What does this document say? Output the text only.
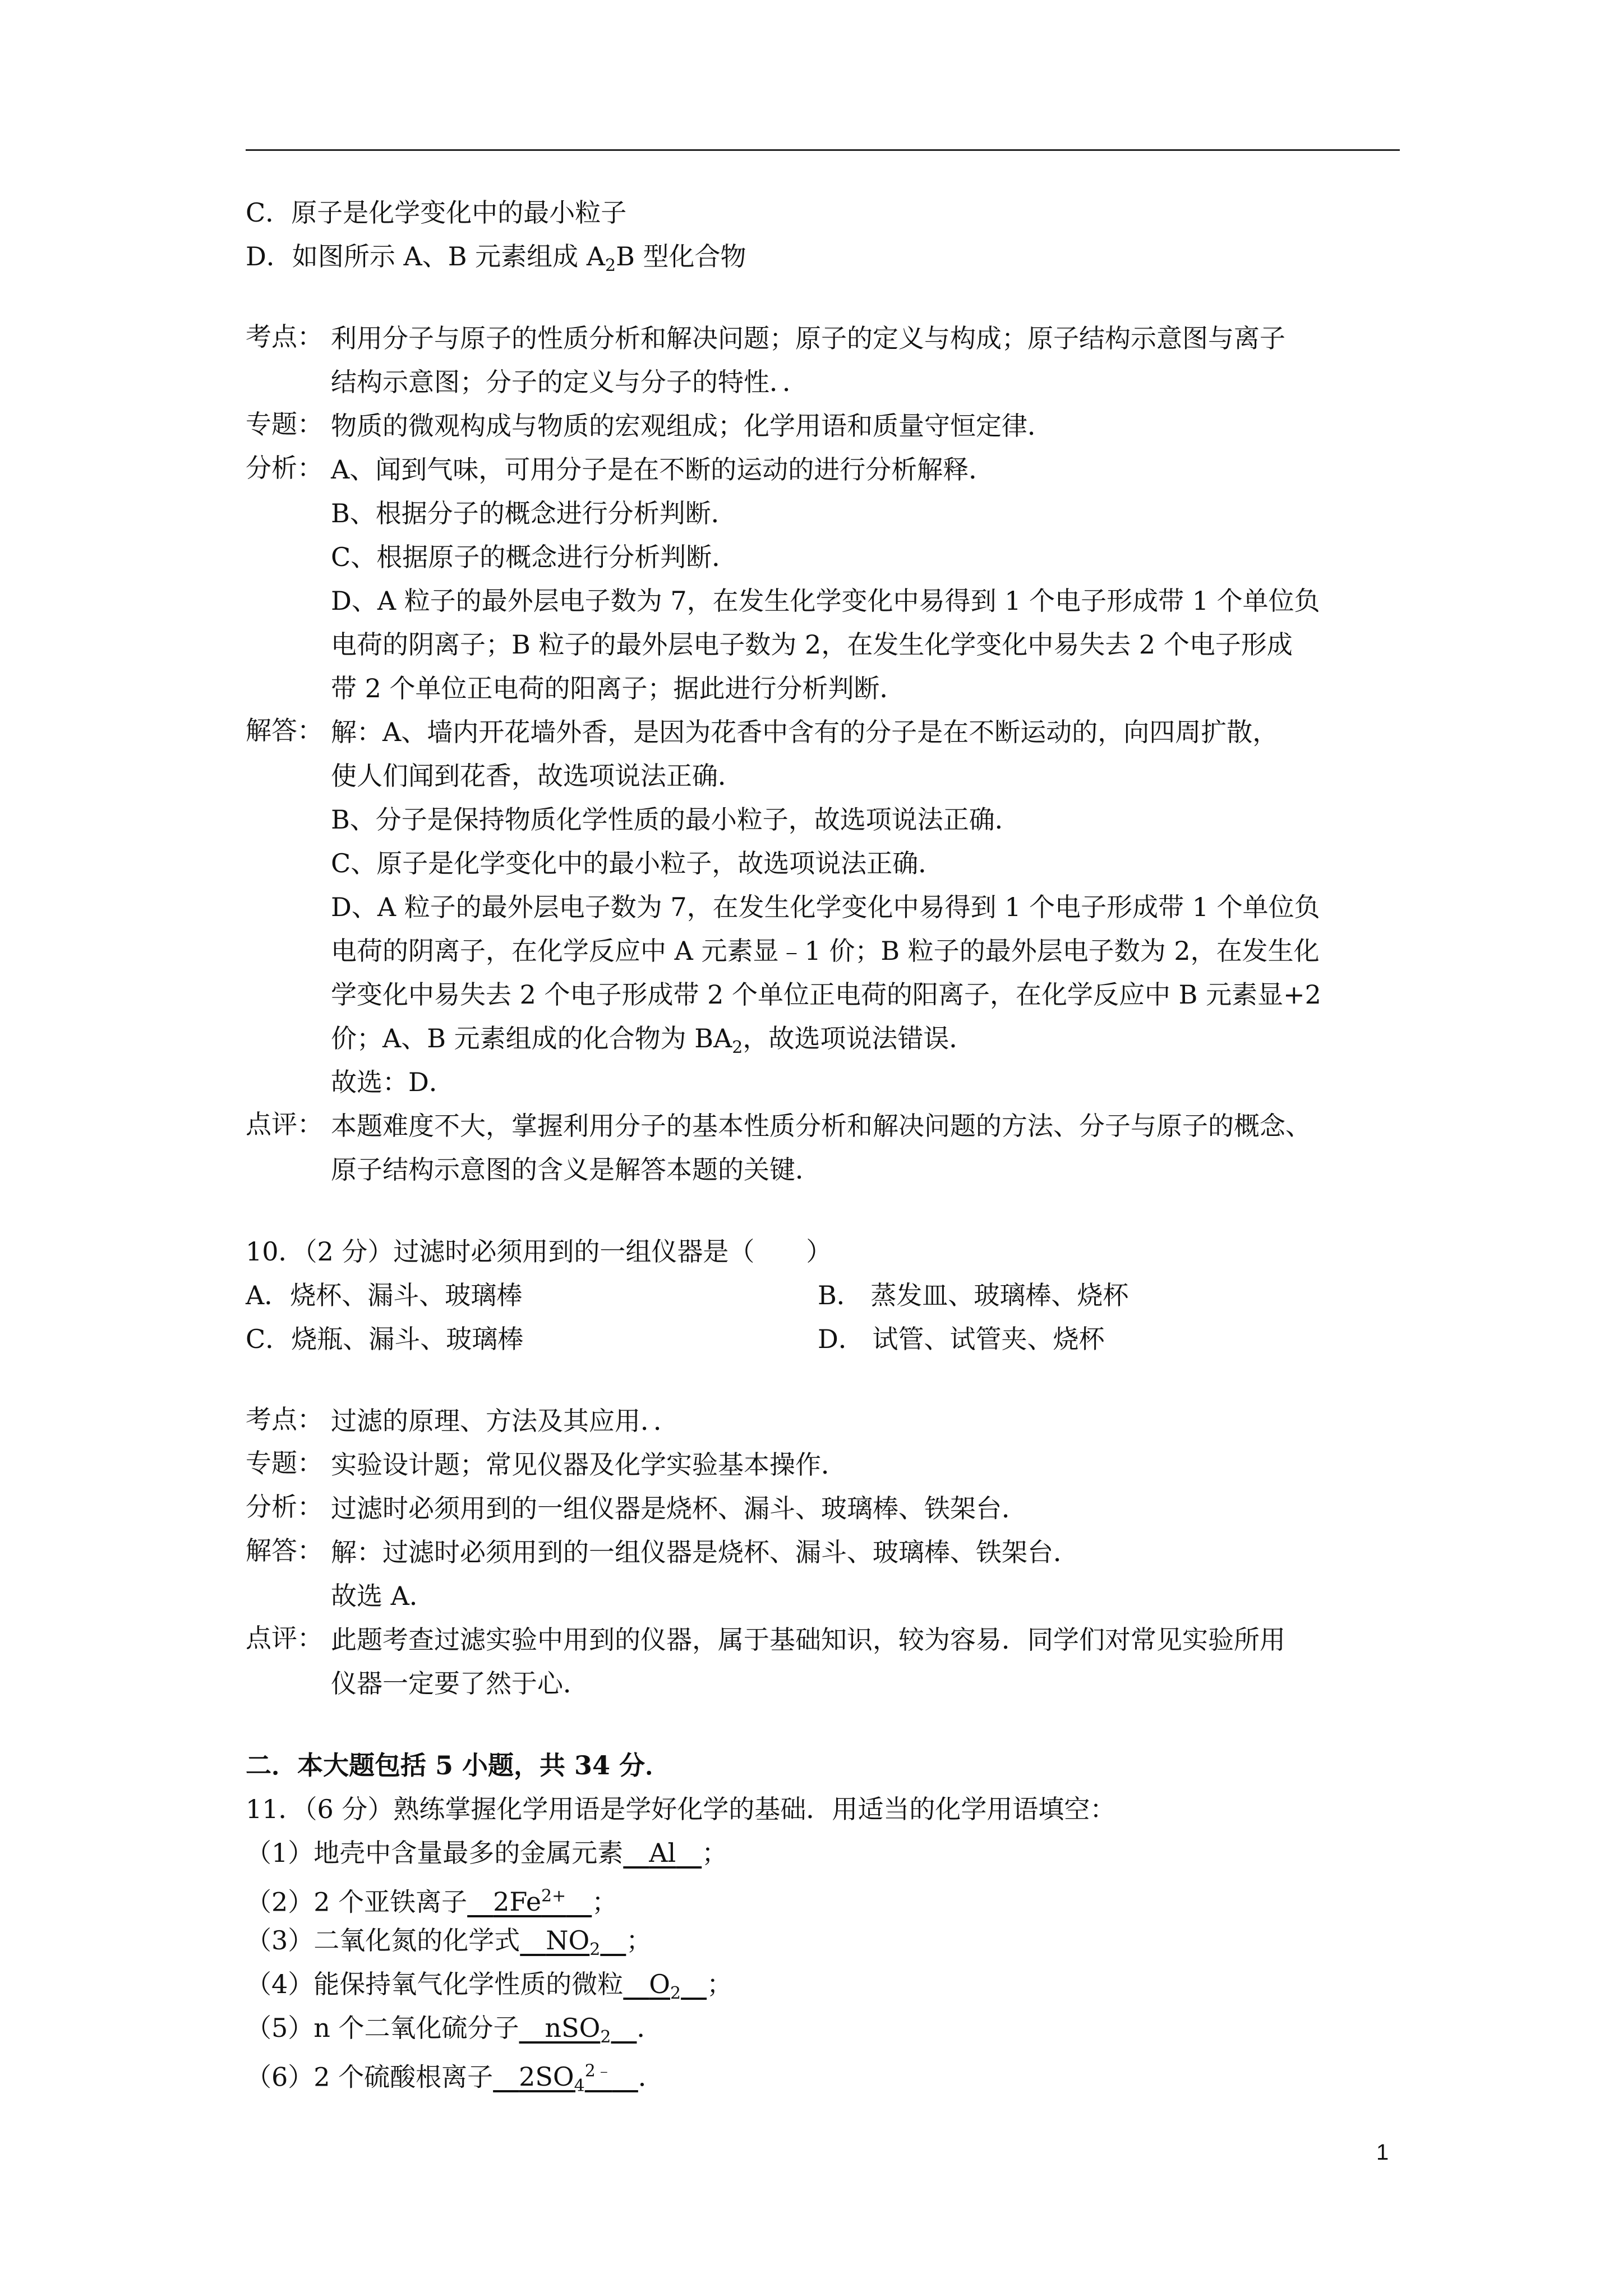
C．原子是化学变化中的最小粒子
D．如图所示 A、B 元素组成 $A_2B$ 型化合物
考点： 利用分子与原子的性质分析和解决问题；原子的定义与构成；原子结构示意图与离子
结构示意图；分子的定义与分子的特性．．
专题： 物质的微观构成与物质的宏观组成；化学用语和质量守恒定律．
分析： A、闻到气味，可用分子是在不断的运动的进行分析解释．
B、根据分子的概念进行分析判断．
C、根据原子的概念进行分析判断．
D、A 粒子的最外层电子数为 7，在发生化学变化中易得到 1 个电子形成带 1 个单位负
电荷的阴离子；B 粒子的最外层电子数为 2，在发生化学变化中易失去 2 个电子形成
带 2 个单位正电荷的阳离子；据此进行分析判断．
解答： 解：A、墙内开花墙外香，是因为花香中含有的分子是在不断运动的，向四周扩散，
使人们闻到花香，故选项说法正确．
B、分子是保持物质化学性质的最小粒子，故选项说法正确．
C、原子是化学变化中的最小粒子，故选项说法正确．
D、A 粒子的最外层电子数为 7，在发生化学变化中易得到 1 个电子形成带 1 个单位负
电荷的阴离子，在化学反应中 A 元素显﹣1 价；B 粒子的最外层电子数为 2，在发生化
学变化中易失去 2 个电子形成带 2 个单位正电荷的阳离子，在化学反应中 B 元素显+2
价；A、B 元素组成的化合物为 $BA_2$，故选项说法错误．
故选：D．
点评： 本题难度不大，掌握利用分子的基本性质分析和解决问题的方法、分子与原子的概念、
原子结构示意图的含义是解答本题的关键．
10．（2 分）过滤时必须用到的一组仪器是（　　）
A．烧杯、漏斗、玻璃棒	B． 蒸发皿、玻璃棒、烧杯
C．烧瓶、漏斗、玻璃棒	D． 试管、试管夹、烧杯
考点： 过滤的原理、方法及其应用．．
专题： 实验设计题；常见仪器及化学实验基本操作．
分析： 过滤时必须用到的一组仪器是烧杯、漏斗、玻璃棒、铁架台．
解答： 解：过滤时必须用到的一组仪器是烧杯、漏斗、玻璃棒、铁架台．
故选 A．
点评： 此题考查过滤实验中用到的仪器，属于基础知识，较为容易．同学们对常见实验所用
仪器一定要了然于心．
二．本大题包括 5 小题，共 34 分．
11．（6 分）熟练掌握化学用语是学好化学的基础．用适当的化学用语填空：
（1）地壳中含量最多的金属元素　 Al　 ；
（2）2 个亚铁离子　 $2Fe^{2+}$　 ；
（3）二氧化氮的化学式　 $NO_2$　 ；
（4）能保持氧气化学性质的微粒　 $O_2$　 ；
（5）n 个二氧化硫分子　 nSO$_2$　 ．
（6）2 个硫酸根离子　 $2SO_4^{2﹣}$　 ．
1
